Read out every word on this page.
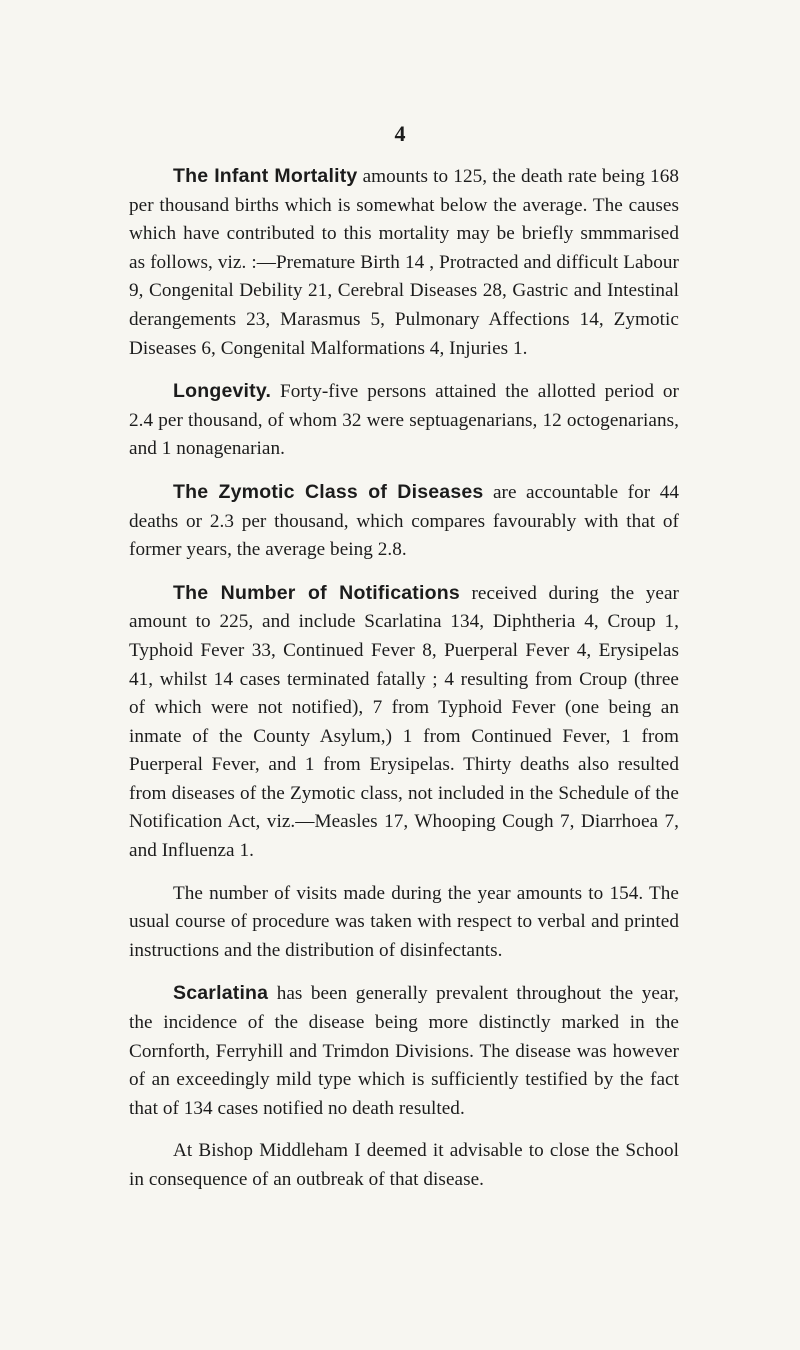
4

The Infant Mortality amounts to 125, the death rate being 168 per thousand births which is somewhat below the average. The causes which have contributed to this mortality may be briefly smmmarised as follows, viz. :—Premature Birth 14 , Protracted and difficult Labour 9, Congenital Debility 21, Cerebral Diseases 28, Gastric and Intestinal derangements 23, Marasmus 5, Pulmonary Affections 14, Zymotic Diseases 6, Congenital Malformations 4, Injuries 1.

Longevity. Forty-five persons attained the allotted period or 2.4 per thousand, of whom 32 were septuagenarians, 12 octogenarians, and 1 nonagenarian.

The Zymotic Class of Diseases are accountable for 44 deaths or 2.3 per thousand, which compares favourably with that of former years, the average being 2.8.

The Number of Notifications received during the year amount to 225, and include Scarlatina 134, Diphtheria 4, Croup 1, Typhoid Fever 33, Continued Fever 8, Puerperal Fever 4, Erysipelas 41, whilst 14 cases terminated fatally ; 4 resulting from Croup (three of which were not notified), 7 from Typhoid Fever (one being an inmate of the County Asylum,) 1 from Continued Fever, 1 from Puerperal Fever, and 1 from Erysipelas. Thirty deaths also resulted from diseases of the Zymotic class, not included in the Schedule of the Notification Act, viz.—Measles 17, Whooping Cough 7, Diarrhoea 7, and Influenza 1.

The number of visits made during the year amounts to 154. The usual course of procedure was taken with respect to verbal and printed instructions and the distribution of disinfectants.

Scarlatina has been generally prevalent throughout the year, the incidence of the disease being more distinctly marked in the Cornforth, Ferryhill and Trimdon Divisions. The disease was however of an exceedingly mild type which is sufficiently testified by the fact that of 134 cases notified no death resulted.

At Bishop Middleham I deemed it advisable to close the School in consequence of an outbreak of that disease.
